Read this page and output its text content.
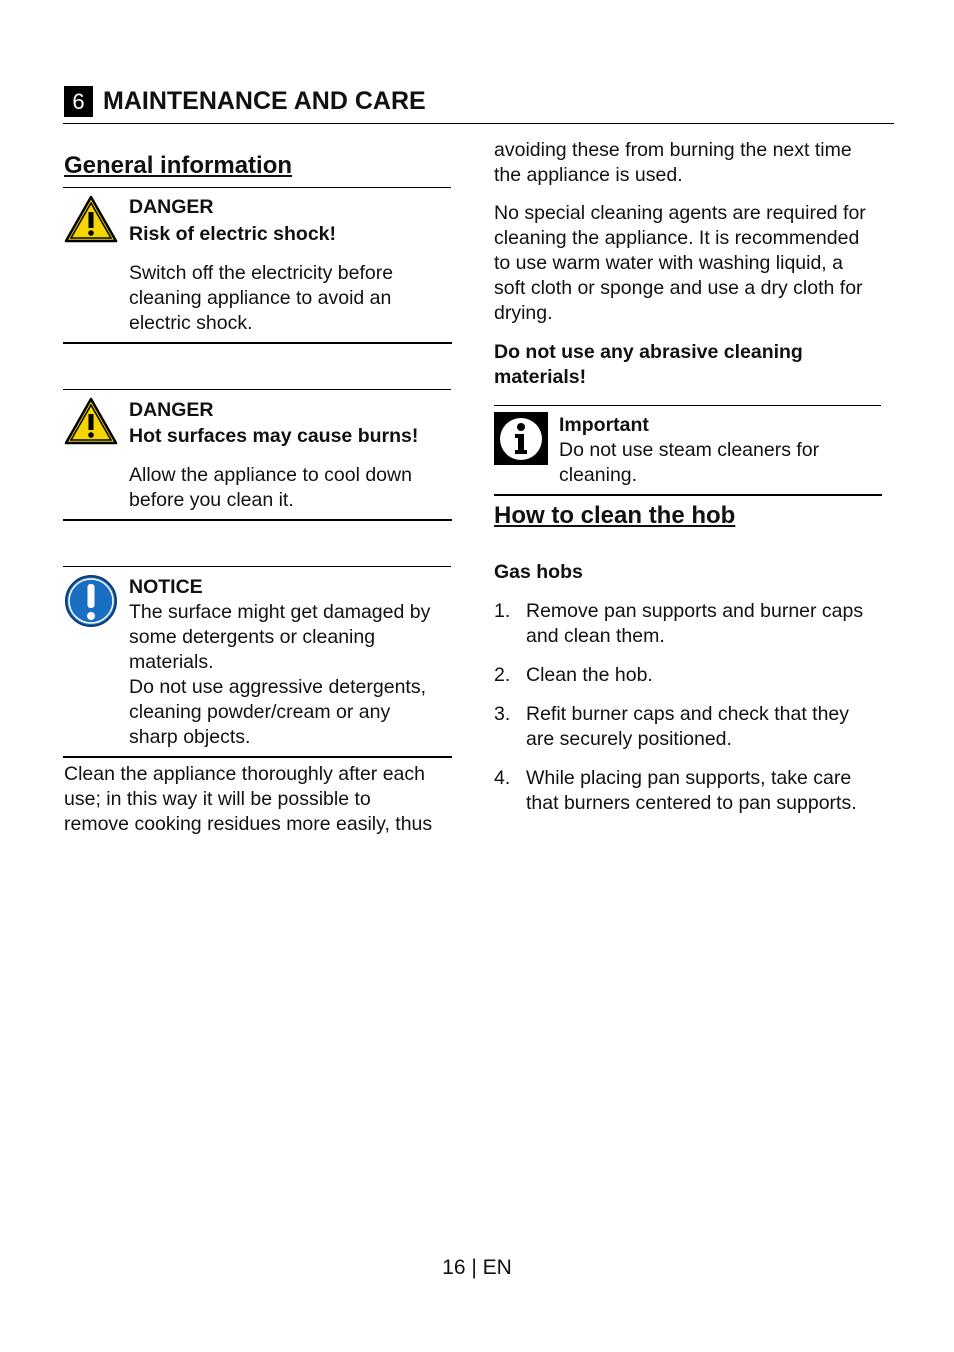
6 MAINTENANCE AND CARE
General information
DANGER
Risk of electric shock!
Switch off the electricity before
cleaning appliance to avoid an
electric shock.
DANGER
Hot surfaces may cause burns!
Allow the appliance to cool down
before you clean it.
NOTICE
The surface might get damaged by
some detergents or cleaning
materials.
Do not use aggressive detergents,
cleaning powder/cream or any
sharp objects.
Clean the appliance thoroughly after each
use; in this way it will be possible to
remove cooking residues more easily, thus
avoiding these from burning the next time
the appliance is used.
No special cleaning agents are required for
cleaning the appliance. It is recommended
to use warm water with washing liquid, a
soft cloth or sponge and use a dry cloth for
drying.
Do not use any abrasive cleaning
materials!
Important
Do not use steam cleaners for
cleaning.
How to clean the hob
Gas hobs
1. Remove pan supports and burner caps
and clean them.
2. Clean the hob.
3. Refit burner caps and check that they
are securely positioned.
4. While placing pan supports, take care
that burners centered to pan supports.
16 | EN
